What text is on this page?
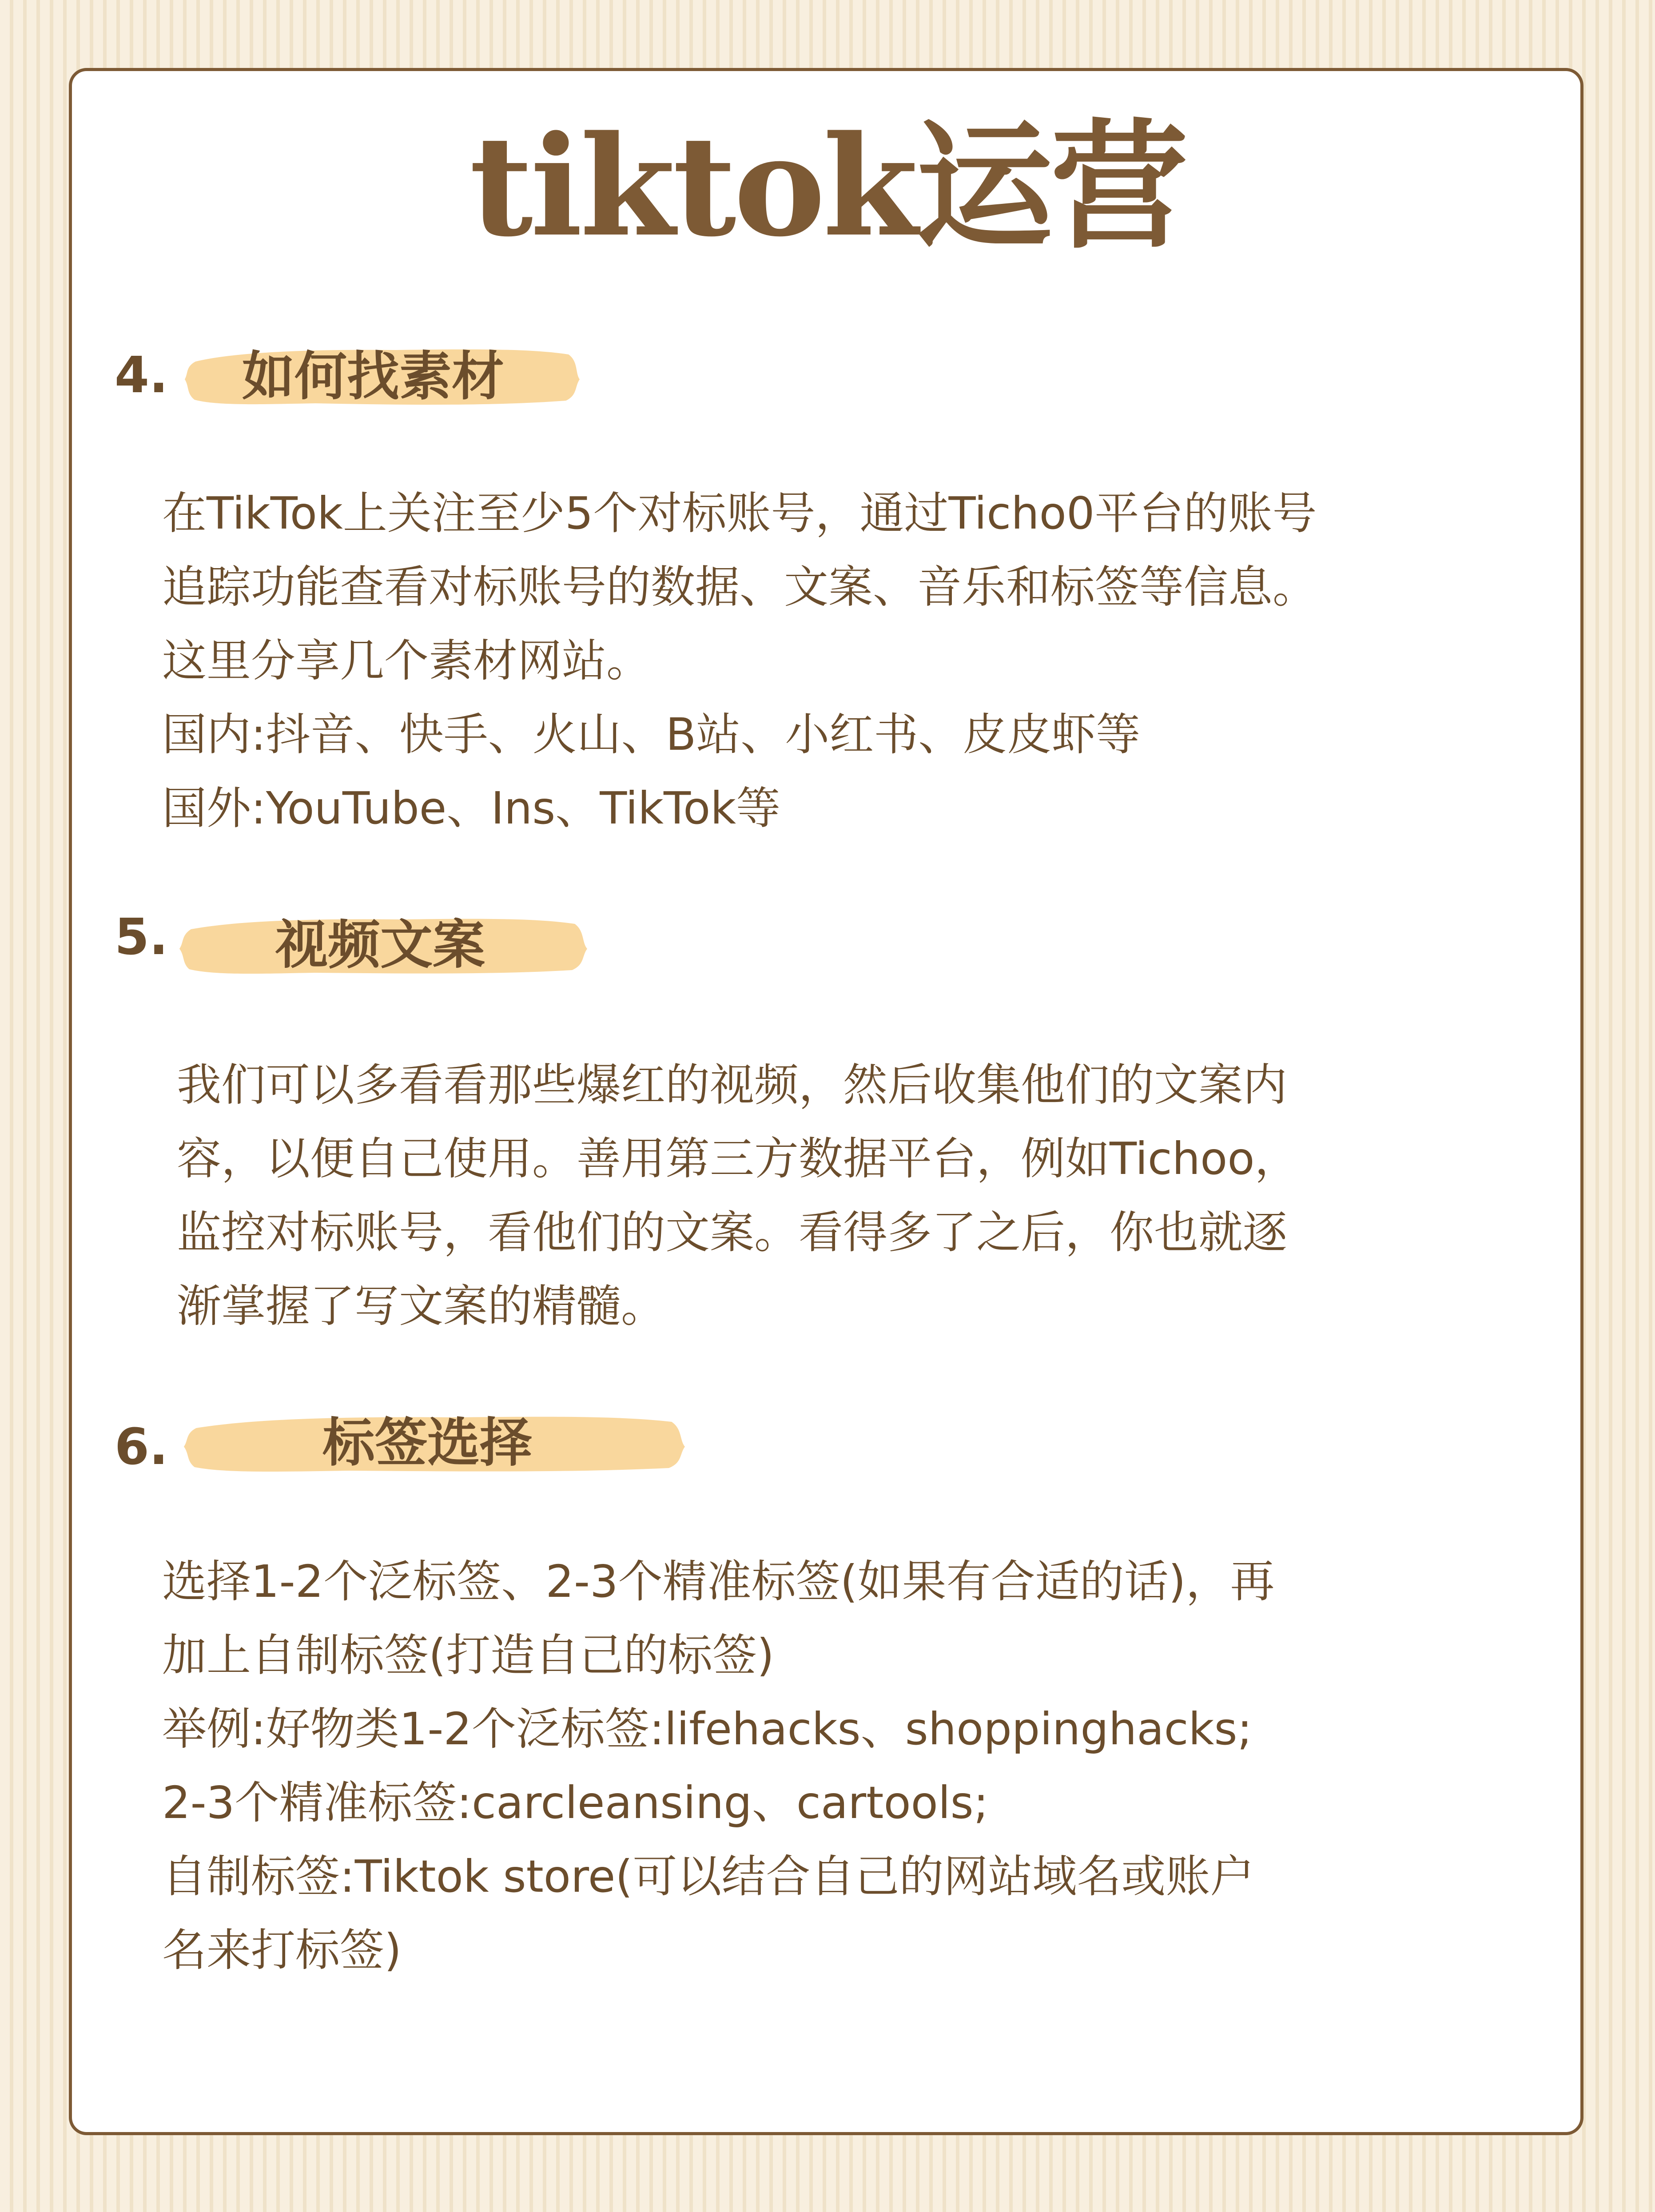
tiktok运营
4. 如何找素材
在TikTok上关注至少5个对标账号，通过Ticho0平台的账号
追踪功能查看对标账号的数据、文案、音乐和标签等信息。
这里分享几个素材网站。
国内:抖音、快手、火山、B站、小红书、皮皮虾等
国外:YouTube、Ins、TikTok等
5. 视频文案
我们可以多看看那些爆红的视频，然后收集他们的文案内
容，以便自己使用。善用第三方数据平台，例如Tichoo，
监控对标账号，看他们的文案。看得多了之后，你也就逐
渐掌握了写文案的精髓。
6.	标签选择
选择1-2个泛标签、2-3个精准标签(如果有合适的话)，再
加上自制标签(打造自己的标签)
举例:好物类1-2个泛标签:lifehacks、shoppinghacks;
2-3个精准标签:carcleansing、cartools;
自制标签:Tiktok store(可以结合自己的网站域名或账户
名来打标签)
